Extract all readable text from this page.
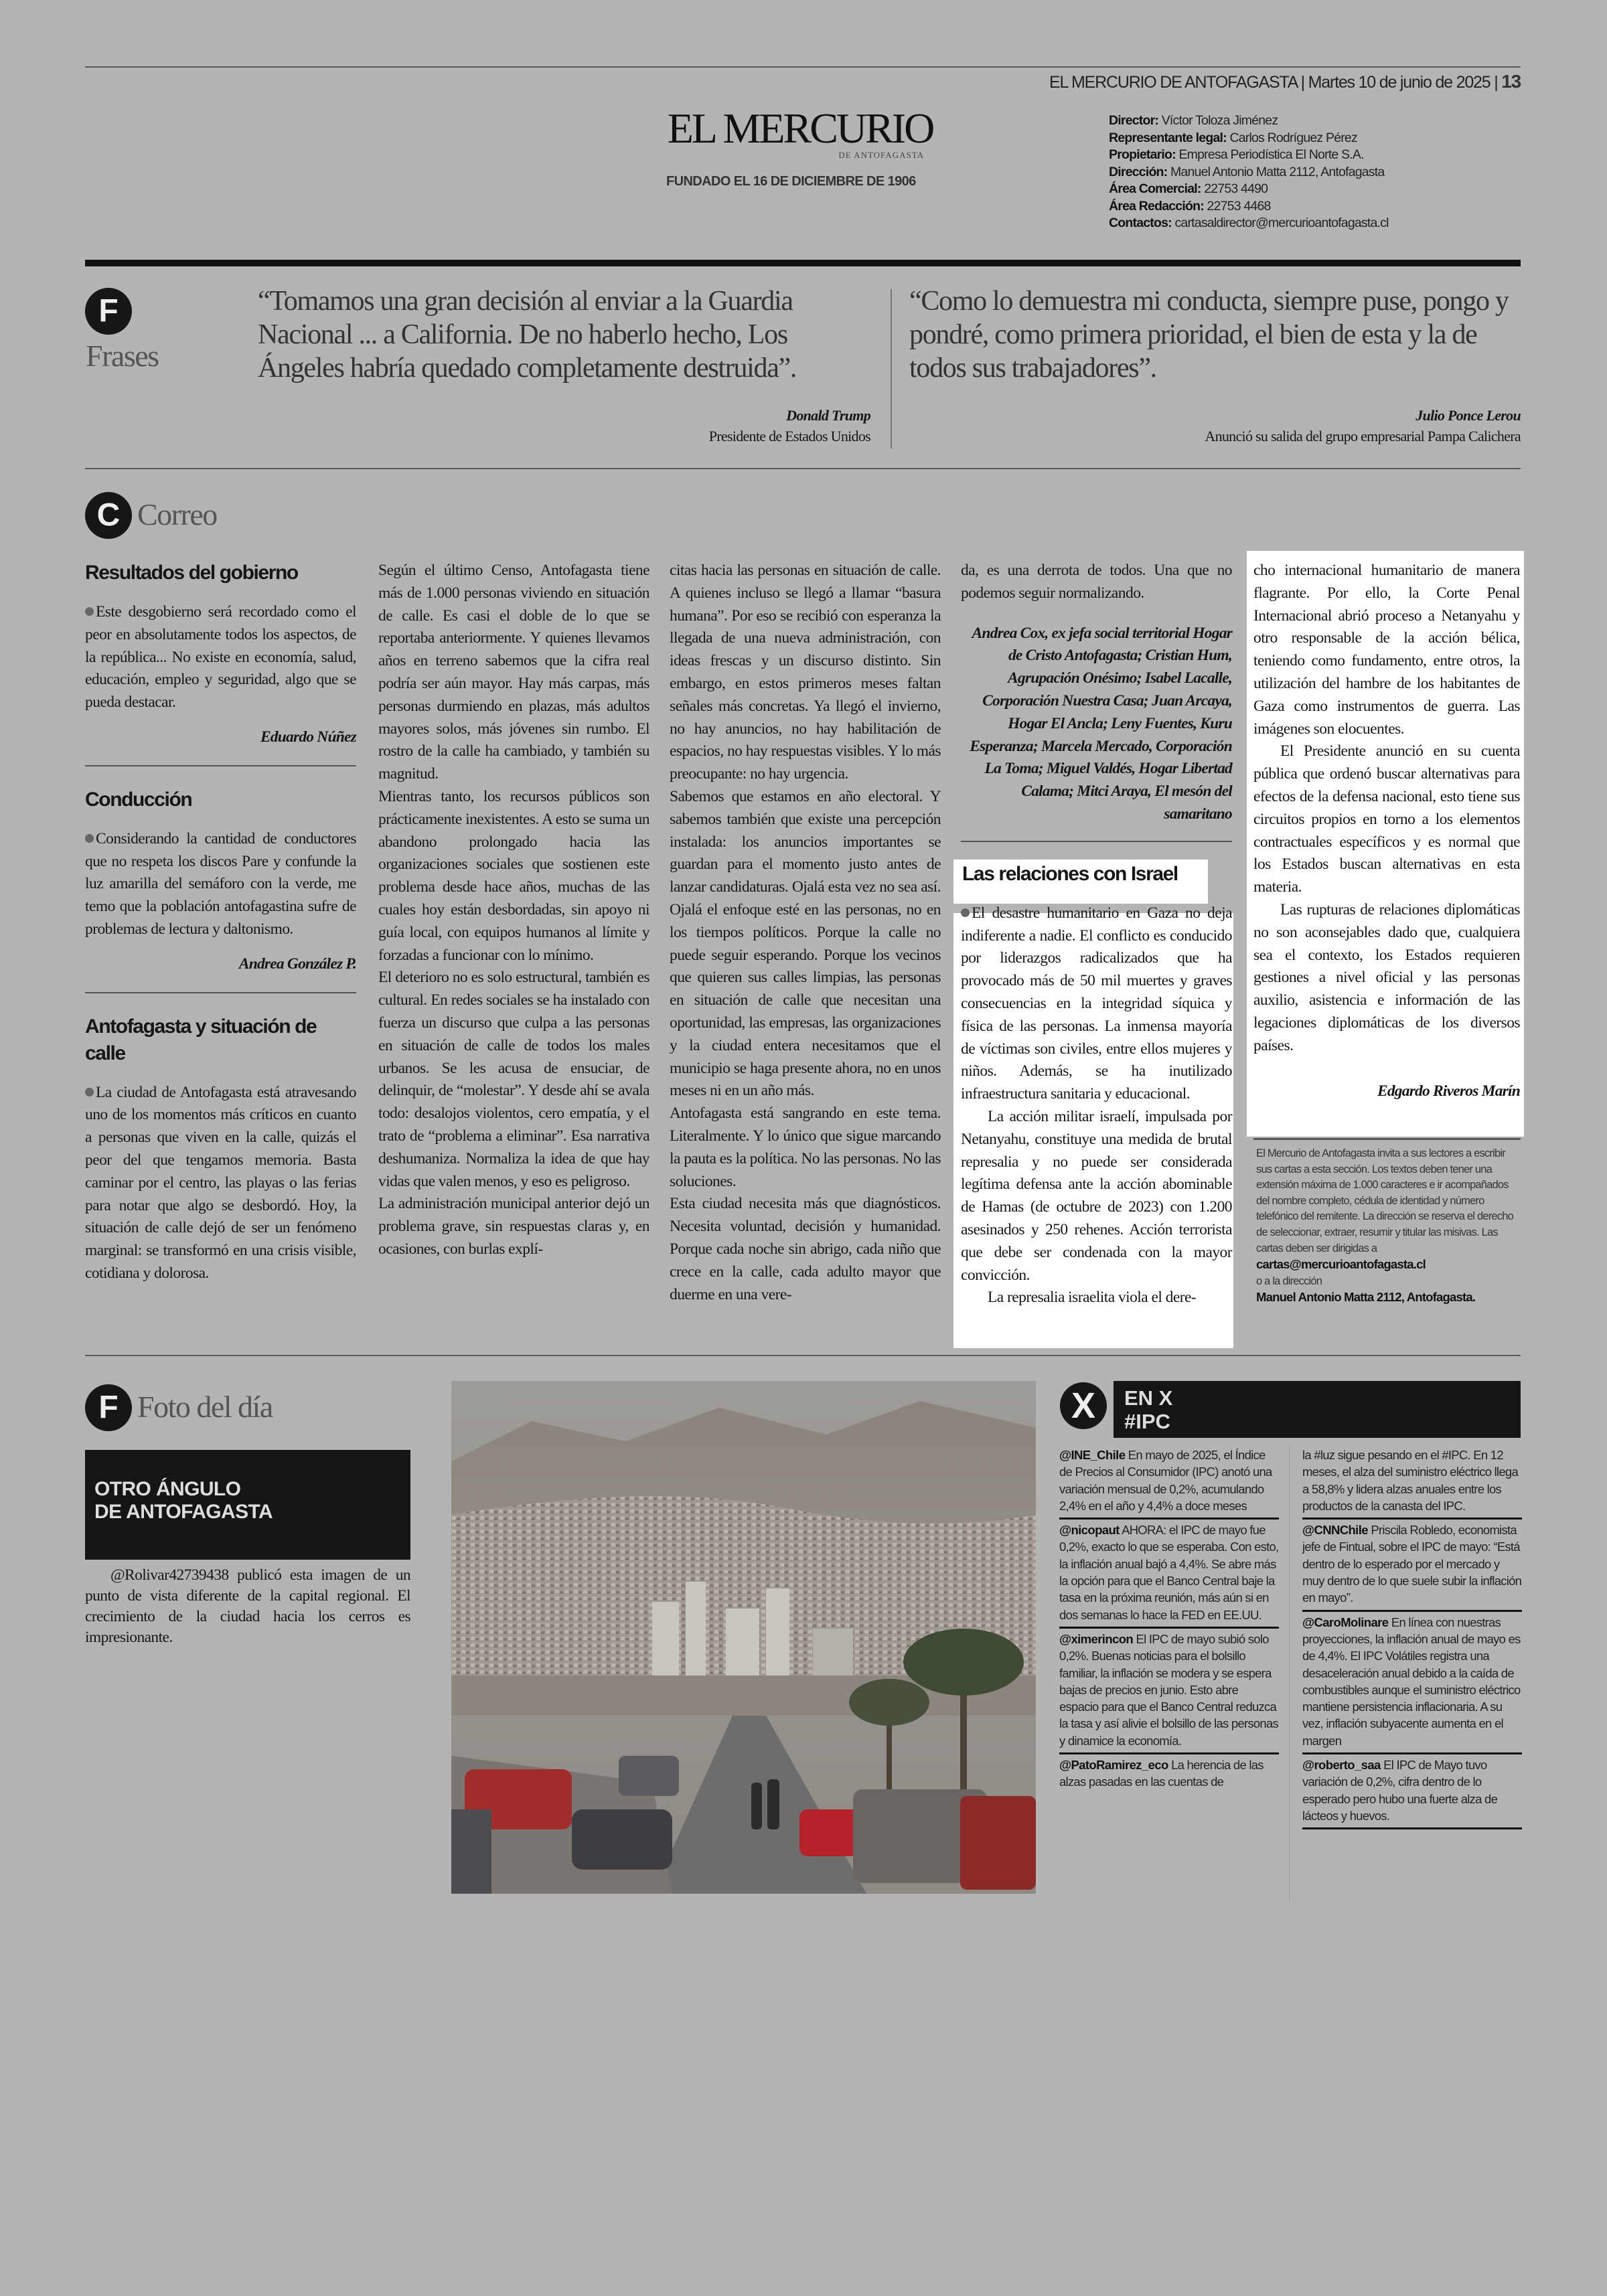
EL MERCURIO DE ANTOFAGASTA | Martes 10 de junio de 2025 | 13
EL MERCURIO
DE ANTOFAGASTA
FUNDADO EL 16 DE DICIEMBRE DE 1906
Director: Víctor Toloza Jiménez
Representante legal: Carlos Rodríguez Pérez
Propietario: Empresa Periodística El Norte S.A.
Dirección: Manuel Antonio Matta 2112, Antofagasta
Área Comercial: 22753 4490
Área Redacción: 22753 4468
Contactos: cartasaldirector@mercurioantofagasta.cl
F
Frases
“Tomamos una gran decisión al enviar a la Guardia Nacional ... a California. De no haberlo hecho, Los Ángeles habría quedado completamente destruida”.
Donald Trump
Presidente de Estados Unidos
“Como lo demuestra mi conducta, siempre puse, pongo y pondré, como primera prioridad, el bien de esta y la de todos sus trabajadores”.
Julio Ponce Lerou
Anunció su salida del grupo empresarial Pampa Calichera
C Correo
Resultados del gobierno

Este desgobierno será recordado como el peor en absolutamente todos los aspectos, de la república... No existe en economía, salud, educación, empleo y seguridad, algo que se pueda destacar.

Eduardo Núñez
Conducción

Considerando la cantidad de conductores que no respeta los discos Pare y confunde la luz amarilla del semáforo con la verde, me temo que la población antofagastina sufre de problemas de lectura y daltonismo.

Andrea González P.
Antofagasta y situación de calle

La ciudad de Antofagasta está atravesando uno de los momentos más críticos en cuanto a personas que viven en la calle, quizás el peor del que tengamos memoria. Basta caminar por el centro, las playas o las ferias para notar que algo se desbordó. Hoy, la situación de calle dejó de ser un fenómeno marginal: se transformó en una crisis visible, cotidiana y dolorosa.

Según el último Censo, Antofagasta tiene más de 1.000 personas viviendo en situación de calle. Es casi el doble de lo que se reportaba anteriormente. Y quienes llevamos años en terreno sabemos que la cifra real podría ser aún mayor. Hay más carpas, más personas durmiendo en plazas, más adultos mayores solos, más jóvenes sin rumbo. El rostro de la calle ha cambiado, y también su magnitud.

Mientras tanto, los recursos públicos son prácticamente inexistentes. A esto se suma un abandono prolongado hacia las organizaciones sociales que sostienen este problema desde hace años, muchas de las cuales hoy están desbordadas, sin apoyo ni guía local, con equipos humanos al límite y forzadas a funcionar con lo mínimo.

El deterioro no es solo estructural, también es cultural. En redes sociales se ha instalado con fuerza un discurso que culpa a las personas en situación de calle de todos los males urbanos. Se les acusa de ensuciar, de delinquir, de “molestar”. Y desde ahí se avala todo: desalojos violentos, cero empatía, y el trato de “problema a eliminar”. Esa narrativa deshumaniza. Normaliza la idea de que hay vidas que valen menos, y eso es peligroso.

La administración municipal anterior dejó un problema grave, sin respuestas claras y, en ocasiones, con burlas explí-

citas hacia las personas en situación de calle. A quienes incluso se llegó a llamar “basura humana”. Por eso se recibió con esperanza la llegada de una nueva administración, con ideas frescas y un discurso distinto. Sin embargo, en estos primeros meses faltan señales más concretas. Ya llegó el invierno, no hay anuncios, no hay habilitación de espacios, no hay respuestas visibles. Y lo más preocupante: no hay urgencia.

Sabemos que estamos en año electoral. Y sabemos también que existe una percepción instalada: los anuncios importantes se guardan para el momento justo antes de lanzar candidaturas. Ojalá esta vez no sea así. Ojalá el enfoque esté en las personas, no en los tiempos políticos. Porque la calle no puede seguir esperando. Porque los vecinos que quieren sus calles limpias, las personas en situación de calle que necesitan una oportunidad, las empresas, las organizaciones y la ciudad entera necesitamos que el municipio se haga presente ahora, no en unos meses ni en un año más.

Antofagasta está sangrando en este tema. Literalmente. Y lo único que sigue marcando la pauta es la política. No las personas. No las soluciones.

Esta ciudad necesita más que diagnósticos. Necesita voluntad, decisión y humanidad. Porque cada noche sin abrigo, cada niño que crece en la calle, cada adulto mayor que duerme en una vere-

da, es una derrota de todos. Una que no podemos seguir normalizando.

Andrea Cox, ex jefa social territorial Hogar de Cristo Antofagasta; Cristian Hum, Agrupación Onésimo; Isabel Lacalle, Corporación Nuestra Casa; Juan Arcaya, Hogar El Ancla; Leny Fuentes, Kuru Esperanza; Marcela Mercado, Corporación La Toma; Miguel Valdés, Hogar Libertad Calama; Mitci Araya, El mesón del samaritano
Las relaciones con Israel

El desastre humanitario en Gaza no deja indiferente a nadie. El conflicto es conducido por liderazgos radicalizados que ha provocado más de 50 mil muertes y graves consecuencias en la integridad síquica y física de las personas. La inmensa mayoría de víctimas son civiles, entre ellos mujeres y niños. Además, se ha inutilizado infraestructura sanitaria y educacional.

La acción militar israelí, impulsada por Netanyahu, constituye una medida de brutal represalia y no puede ser considerada legítima defensa ante la acción abominable de Hamas (de octubre de 2023) con 1.200 asesinados y 250 rehenes. Acción terrorista que debe ser condenada con la mayor convicción.

La represalia israelita viola el dere-

cho internacional humanitario de manera flagrante. Por ello, la Corte Penal Internacional abrió proceso a Netanyahu y otro responsable de la acción bélica, teniendo como fundamento, entre otros, la utilización del hambre de los habitantes de Gaza como instrumentos de guerra. Las imágenes son elocuentes.

El Presidente anunció en su cuenta pública que ordenó buscar alternativas para efectos de la defensa nacional, esto tiene sus circuitos propios en torno a los elementos contractuales específicos y es normal que los Estados buscan alternativas en esta materia.

Las rupturas de relaciones diplomáticas no son aconsejables dado que, cualquiera sea el contexto, los Estados requieren gestiones a nivel oficial y las personas auxilio, asistencia e información de las legaciones diplomáticas de los diversos países.

Edgardo Riveros Marín
El Mercurio de Antofagasta invita a sus lectores a escribir sus cartas a esta sección. Los textos deben tener una extensión máxima de 1.000 caracteres e ir acompañados del nombre completo, cédula de identidad y número telefónico del remitente. La dirección se reserva el derecho de seleccionar, extraer, resumir y titular las misivas. Las cartas deben ser dirigidas a
cartas@mercurioantofagasta.cl
o a la dirección
Manuel Antonio Matta 2112, Antofagasta.
F Foto del día
OTRO ÁNGULO
DE ANTOFAGASTA
@Rolivar42739438 publicó esta imagen de un punto de vista diferente de la capital regional. El crecimiento de la ciudad hacia los cerros es impresionante.
X	EN X
#IPC
@INE_Chile En mayo de 2025, el Índice de Precios al Consumidor (IPC) anotó una variación mensual de 0,2%, acumulando 2,4% en el año y 4,4% a doce meses
@nicopaut AHORA: el IPC de mayo fue 0,2%, exacto lo que se esperaba. Con esto, la inflación anual bajó a 4,4%. Se abre más la opción para que el Banco Central baje la tasa en la próxima reunión, más aún si en dos semanas lo hace la FED en EE.UU.
@ximerincon El IPC de mayo subió solo 0,2%. Buenas noticias para el bolsillo familiar, la inflación se modera y se espera bajas de precios en junio. Esto abre espacio para que el Banco Central reduzca la tasa y así alivie el bolsillo de las personas y dinamice la economía.
@PatoRamirez_eco La herencia de las alzas pasadas en las cuentas de
la #luz sigue pesando en el #IPC. En 12 meses, el alza del suministro eléctrico llega a 58,8% y lidera alzas anuales entre los productos de la canasta del IPC.
@CNNChile Priscila Robledo, economista jefe de Fintual, sobre el IPC de mayo: “Está dentro de lo esperado por el mercado y muy dentro de lo que suele subir la inflación en mayo”.
@CaroMolinare En línea con nuestras proyecciones, la inflación anual de mayo es de 4,4%. El IPC Volátiles registra una desaceleración anual debido a la caída de combustibles aunque el suministro eléctrico mantiene persistencia inflacionaria. A su vez, inflación subyacente aumenta en el margen
@roberto_saa El IPC de Mayo tuvo variación de 0,2%, cifra dentro de lo esperado pero hubo una fuerte alza de lácteos y huevos.
